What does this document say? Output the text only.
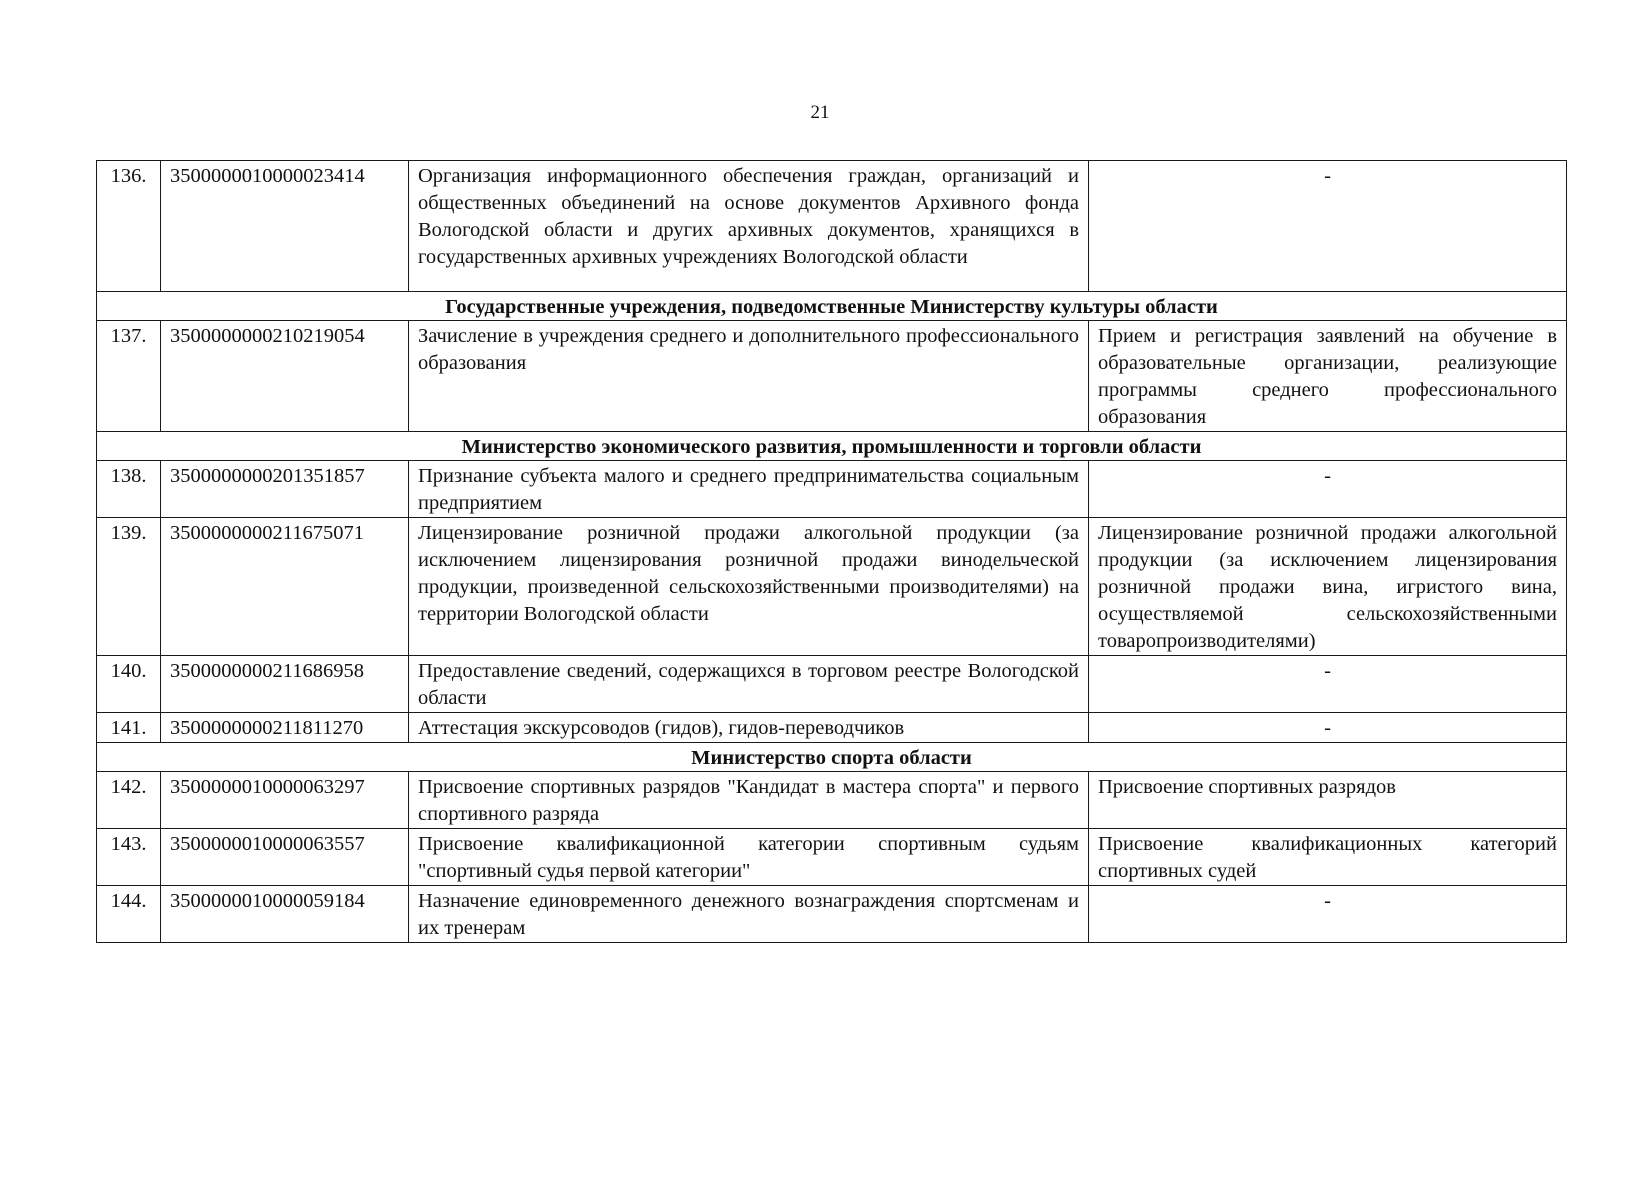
21
136.	3500000010000023414	Организация информационного обеспечения граждан, организаций и общественных объединений на основе документов Архивного фонда Вологодской области и других архивных документов, хранящихся в государственных архивных учреждениях Вологодской области	-
Государственные учреждения, подведомственные Министерству культуры области			
137.	3500000000210219054	Зачисление в учреждения среднего и дополнительного профессионального образования	Прием и регистрация заявлений на обучение в образовательные организации, реализующие программы среднего профессионального образования
Министерство экономического развития, промышленности и торговли области			
138.	3500000000201351857	Признание субъекта малого и среднего предпринимательства социальным предприятием	-
139.	3500000000211675071	Лицензирование розничной продажи алкогольной продукции (за исключением лицензирования розничной продажи винодельческой продукции, произведенной сельскохозяйственными производителями) на территории Вологодской области	Лицензирование розничной продажи алкогольной продукции (за исключением лицензирования розничной продажи вина, игристого вина, осуществляемой сельскохозяйственными товаропроизводителями)
140.	3500000000211686958	Предоставление сведений, содержащихся в торговом реестре Вологодской области	-
141.	3500000000211811270	Аттестация экскурсоводов (гидов), гидов-переводчиков	-
Министерство спорта области			
142.	3500000010000063297	Присвоение спортивных разрядов "Кандидат в мастера спорта" и первого спортивного разряда	Присвоение спортивных разрядов
143.	3500000010000063557	Присвоение квалификационной категории спортивным судьям "спортивный судья первой категории"	Присвоение квалификационных категорий спортивных судей
144.	3500000010000059184	Назначение единовременного денежного вознаграждения спортсменам и их тренерам	-
